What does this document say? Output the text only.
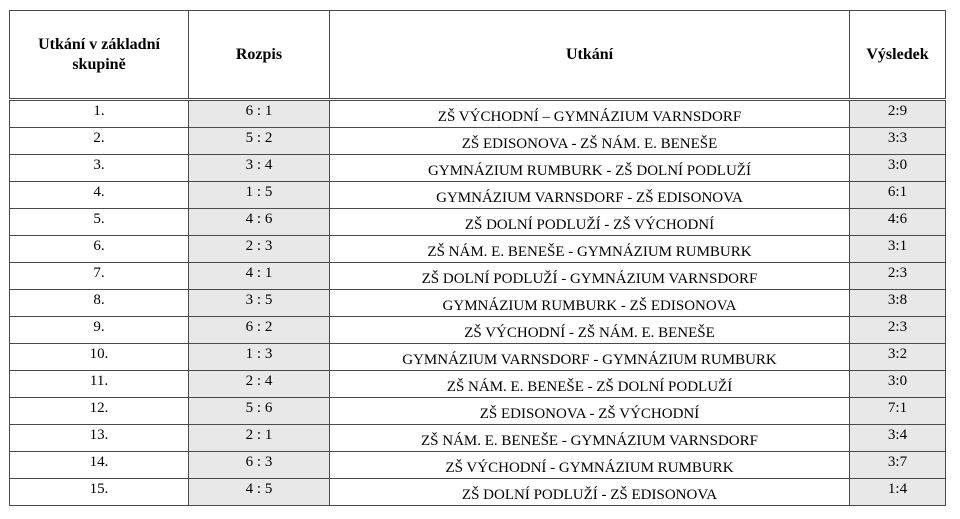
Utkání v základní skupině	Rozpis	Utkání	Výsledek
1.	6 : 1	ZŠ VÝCHODNÍ – GYMNÁZIUM VARNSDORF	2:9
2.	5 : 2	ZŠ EDISONOVA - ZŠ NÁM. E. BENEŠE	3:3
3.	3 : 4	GYMNÁZIUM RUMBURK - ZŠ DOLNÍ PODLUŽÍ	3:0
4.	1 : 5	GYMNÁZIUM VARNSDORF - ZŠ EDISONOVA	6:1
5.	4 : 6	ZŠ DOLNÍ PODLUŽÍ - ZŠ VÝCHODNÍ	4:6
6.	2 : 3	ZŠ NÁM. E. BENEŠE - GYMNÁZIUM RUMBURK	3:1
7.	4 : 1	ZŠ DOLNÍ PODLUŽÍ - GYMNÁZIUM VARNSDORF	2:3
8.	3 : 5	GYMNÁZIUM RUMBURK - ZŠ EDISONOVA	3:8
9.	6 : 2	ZŠ VÝCHODNÍ - ZŠ NÁM. E. BENEŠE	2:3
10.	1 : 3	GYMNÁZIUM VARNSDORF - GYMNÁZIUM RUMBURK	3:2
11.	2 : 4	ZŠ NÁM. E. BENEŠE - ZŠ DOLNÍ PODLUŽÍ	3:0
12.	5 : 6	ZŠ EDISONOVA - ZŠ VÝCHODNÍ	7:1
13.	2 : 1	ZŠ NÁM. E. BENEŠE - GYMNÁZIUM VARNSDORF	3:4
14.	6 : 3	ZŠ VÝCHODNÍ - GYMNÁZIUM RUMBURK	3:7
15.	4 : 5	ZŠ DOLNÍ PODLUŽÍ - ZŠ EDISONOVA	1:4
